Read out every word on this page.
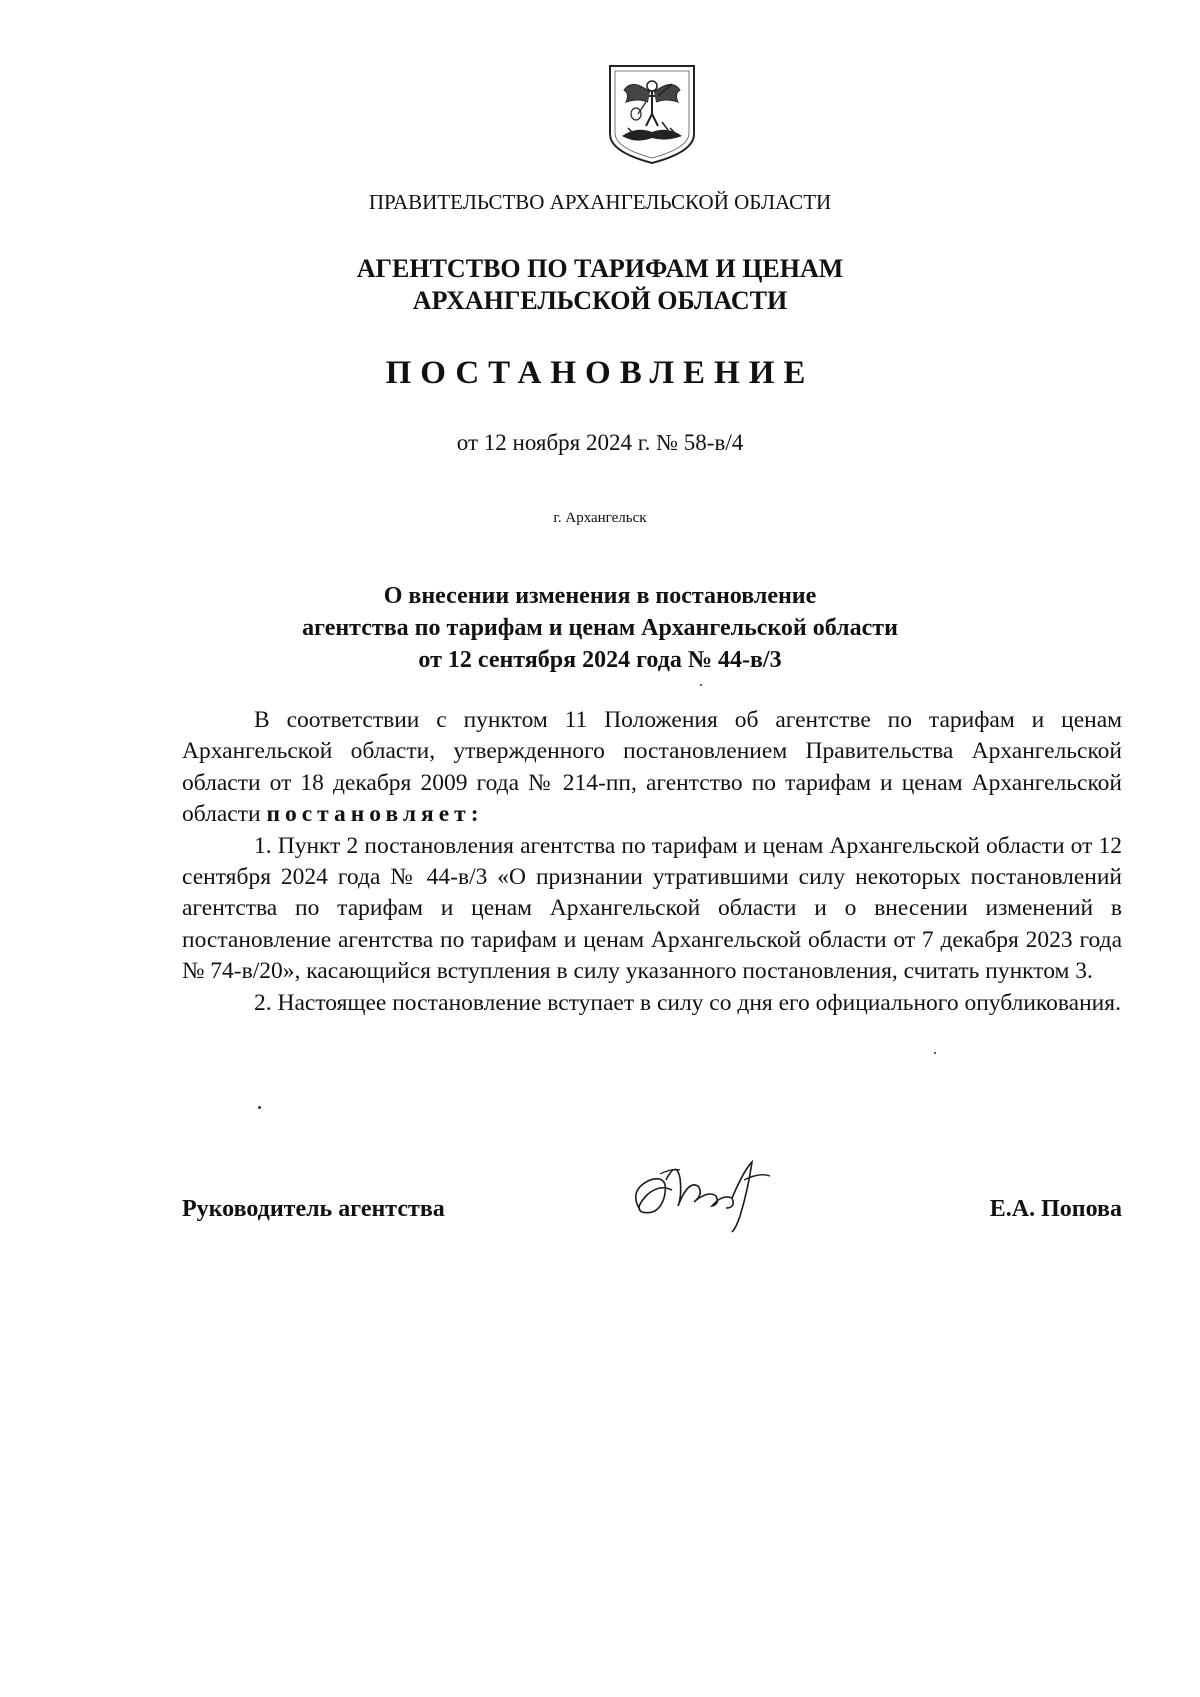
ПРАВИТЕЛЬСТВО АРХАНГЕЛЬСКОЙ ОБЛАСТИ
АГЕНТСТВО ПО ТАРИФАМ И ЦЕНАМ
АРХАНГЕЛЬСКОЙ ОБЛАСТИ
ПОСТАНОВЛЕНИЕ
от 12 ноября 2024 г. № 58-в/4
г. Архангельск
О внесении изменения в постановление
агентства по тарифам и ценам Архангельской области
от 12 сентября 2024 года № 44-в/3

В соответствии с пунктом 11 Положения об агентстве по тарифам и ценам Архангельской области, утвержденного постановлением Правительства Архангельской области от 18 декабря 2009 года № 214-пп, агентство по тарифам и ценам Архангельской области постановляет:

1. Пункт 2 постановления агентства по тарифам и ценам Архангельской области от 12 сентября 2024 года № 44-в/3 «О признании утратившими силу некоторых постановлений агентства по тарифам и ценам Архангельской области и о внесении изменений в постановление агентства по тарифам и ценам Архангельской области от 7 декабря 2023 года № 74-в/20», касающийся вступления в силу указанного постановления, считать пунктом 3.

2. Настоящее постановление вступает в силу со дня его официального опубликования.

Руководитель агентства	Е.А. Попова
